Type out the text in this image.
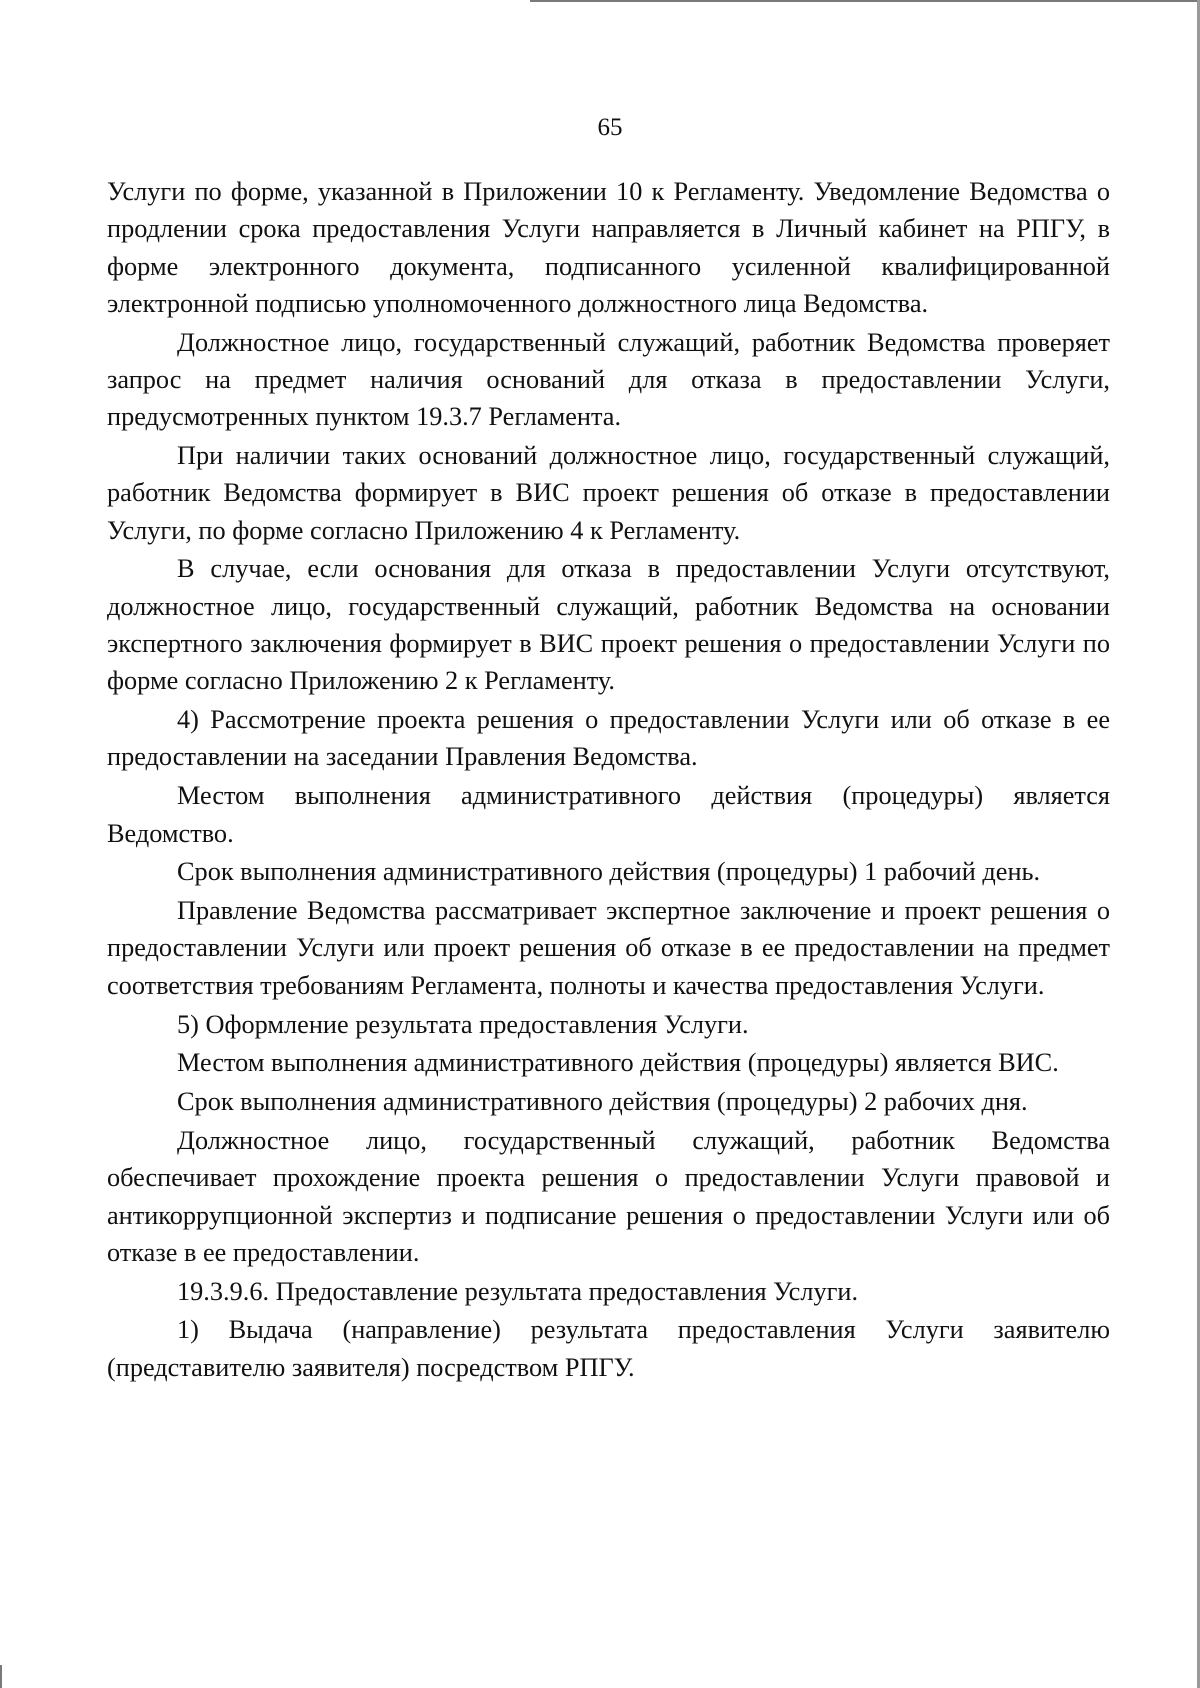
65

Услуги по форме, указанной в Приложении 10 к Регламенту. Уведомление Ведомства о продлении срока предоставления Услуги направляется в Личный кабинет на РПГУ, в форме электронного документа, подписанного усиленной квалифицированной электронной подписью уполномоченного должностного лица Ведомства.

Должностное лицо, государственный служащий, работник Ведомства проверяет запрос на предмет наличия оснований для отказа в предоставлении Услуги, предусмотренных пунктом 19.3.7 Регламента.

При наличии таких оснований должностное лицо, государственный служащий, работник Ведомства формирует в ВИС проект решения об отказе в предоставлении Услуги, по форме согласно Приложению 4 к Регламенту.

В случае, если основания для отказа в предоставлении Услуги отсутствуют, должностное лицо, государственный служащий, работник Ведомства на основании экспертного заключения формирует в ВИС проект решения о предоставлении Услуги по форме согласно Приложению 2 к Регламенту.

4) Рассмотрение проекта решения о предоставлении Услуги или об отказе в ее предоставлении на заседании Правления Ведомства.

Местом выполнения административного действия (процедуры) является Ведомство.

Срок выполнения административного действия (процедуры) 1 рабочий день.

Правление Ведомства рассматривает экспертное заключение и проект решения о предоставлении Услуги или проект решения об отказе в ее предоставлении на предмет соответствия требованиям Регламента, полноты и качества предоставления Услуги.

5) Оформление результата предоставления Услуги.

Местом выполнения административного действия (процедуры) является ВИС.

Срок выполнения административного действия (процедуры) 2 рабочих дня.

Должностное лицо, государственный служащий, работник Ведомства обеспечивает прохождение проекта решения о предоставлении Услуги правовой и антикоррупционной экспертиз и подписание решения о предоставлении Услуги или об отказе в ее предоставлении.

19.3.9.6. Предоставление результата предоставления Услуги.

1) Выдача (направление) результата предоставления Услуги заявителю (представителю заявителя) посредством РПГУ.
